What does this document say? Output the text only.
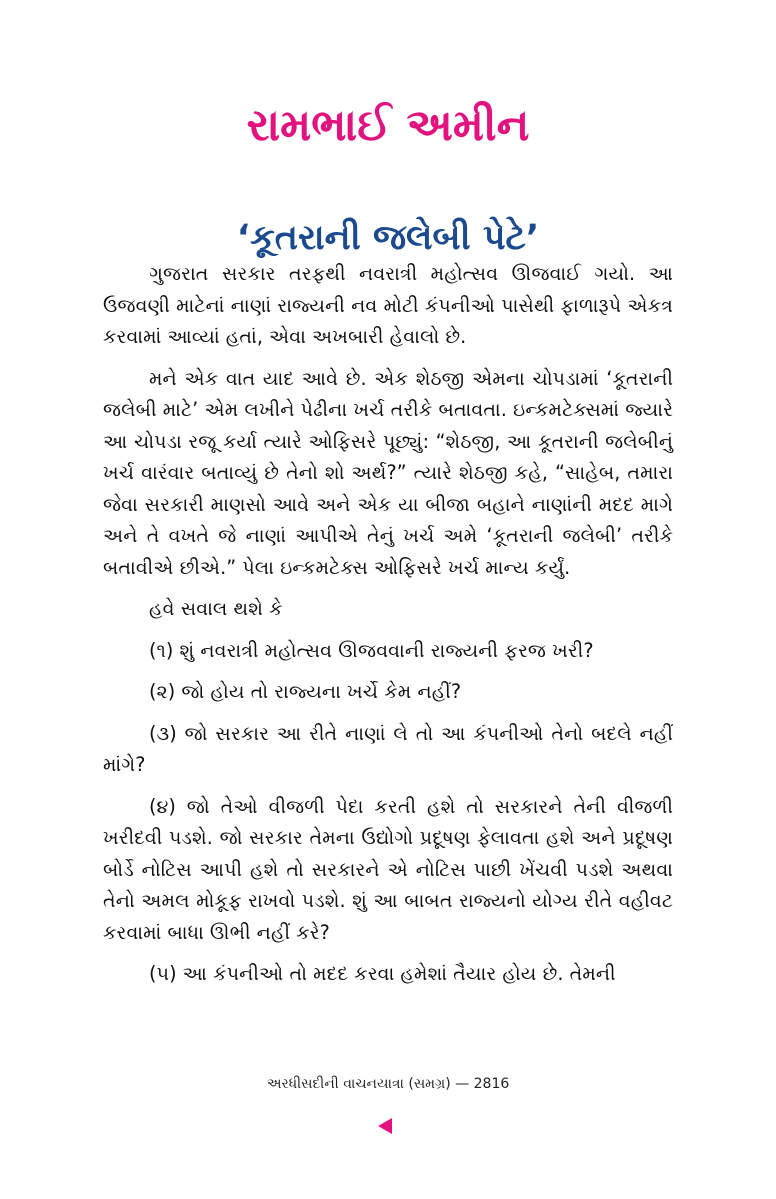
રામભાઈ અમીન
‘કૂતરાની જલેબી પેટે’

ગુજરાત સરકાર તરફથી નવરાત્રી મહોત્સવ ઊજવાઈ ગયો. આ ઉજવણી માટેનાં નાણાં રાજ્યની નવ મોટી કંપનીઓ પાસેથી ફાળારૂપે એકત્ર કરવામાં આવ્યાં હતાં, એવા અખબારી હેવાલો છે.

મને એક વાત યાદ આવે છે. એક શેઠજી એમના ચોપડામાં ‘કૂતરાની જલેબી માટે’ એમ લખીને પેઢીના ખર્ચ તરીકે બતાવતા. ઇન્કમટેક્સમાં જ્યારે આ ચોપડા રજૂ કર્યા ત્યારે ઓફિસરે પૂછ્યું: “શેઠજી, આ કૂતરાની જલેબીનું ખર્ચ વારંવાર બતાવ્યું છે તેનો શો અર્થ?” ત્યારે શેઠજી કહે, “સાહેબ, તમારા જેવા સરકારી માણસો આવે અને એક યા બીજા બહાને નાણાંની મદદ માગે અને તે વખતે જે નાણાં આપીએ તેનું ખર્ચ અમે ‘કૂતરાની જલેબી’ તરીકે બતાવીએ છીએ.” પેલા ઇન્કમટેક્સ ઓફિસરે ખર્ચ માન્ય કર્યું.

હવે સવાલ થશે કે

(૧) શું નવરાત્રી મહોત્સવ ઊજવવાની રાજ્યની ફરજ ખરી?

(૨) જો હોય તો રાજ્યના ખર્ચે કેમ નહીં?

(૩) જો સરકાર આ રીતે નાણાં લે તો આ કંપનીઓ તેનો બદલે નહીં માંગે?

(૪) જો તેઓ વીજળી પેદા કરતી હશે તો સરકારને તેની વીજળી ખરીદવી પડશે. જો સરકાર તેમના ઉદ્યોગો પ્રદૂષણ ફેલાવતા હશે અને પ્રદૂષણ બોર્ડે નોટિસ આપી હશે તો સરકારને એ નોટિસ પાછી ખેંચવી પડશે અથવા તેનો અમલ મોકૂફ રાખવો પડશે. શું આ બાબત રાજ્યનો યોગ્ય રીતે વહીવટ કરવામાં બાધા ઊભી નહીં કરે?

(૫) આ કંપનીઓ તો મદદ કરવા હમેશાં તૈયાર હોય છે. તેમની

અરધીસદીની વાચનયાત્રા (સમગ્ર) — 2816
